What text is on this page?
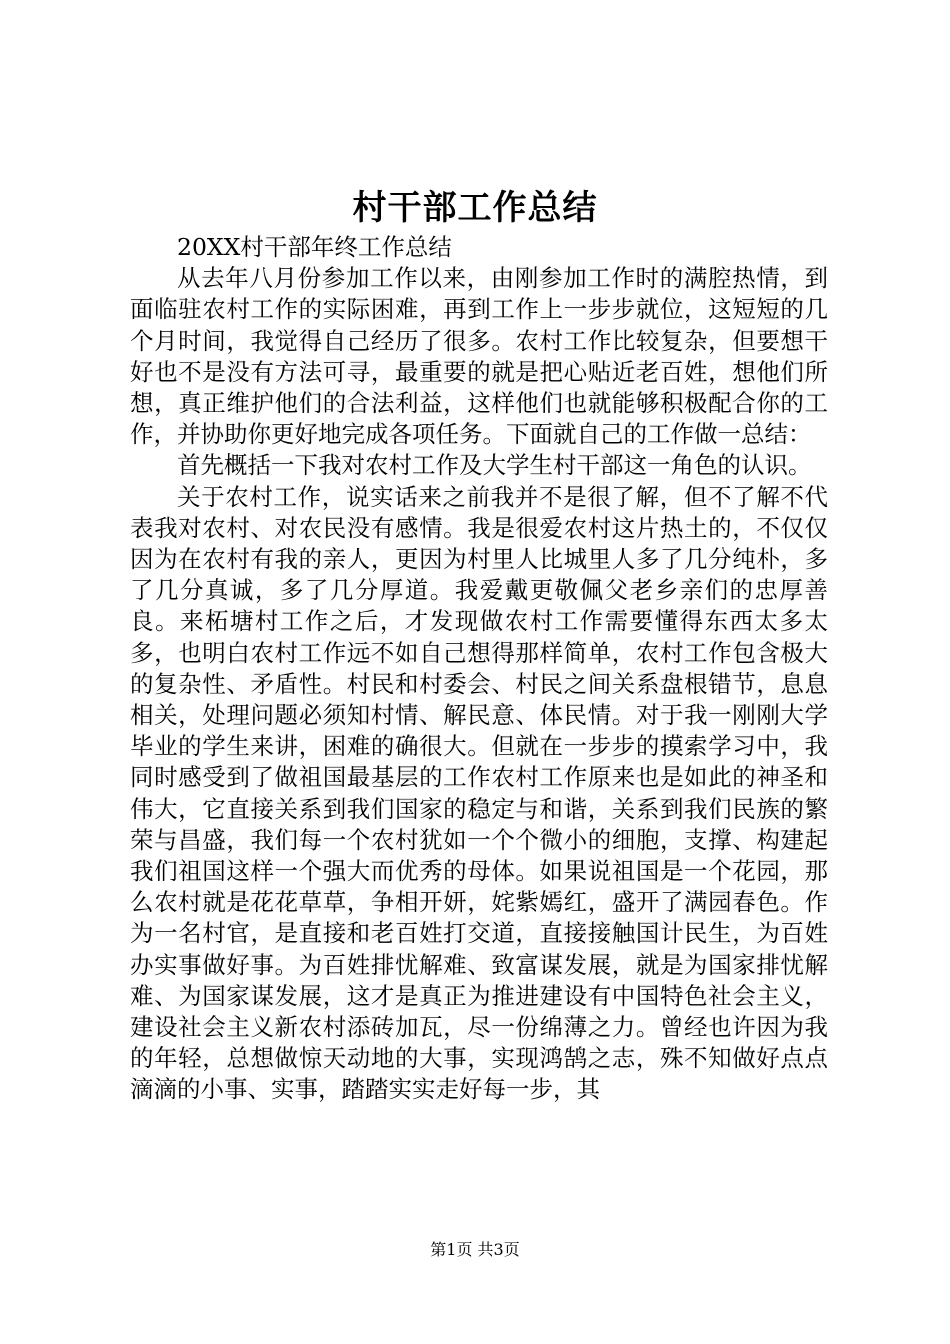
村干部工作总结

20XX村干部年终工作总结

从去年八月份参加工作以来，由刚参加工作时的满腔热情，到面临驻农村工作的实际困难，再到工作上一步步就位，这短短的几个月时间，我觉得自己经历了很多。农村工作比较复杂，但要想干好也不是没有方法可寻，最重要的就是把心贴近老百姓，想他们所想，真正维护他们的合法利益，这样他们也就能够积极配合你的工作，并协助你更好地完成各项任务。下面就自己的工作做一总结：

首先概括一下我对农村工作及大学生村干部这一角色的认识。

关于农村工作，说实话来之前我并不是很了解，但不了解不代表我对农村、对农民没有感情。我是很爱农村这片热土的，不仅仅因为在农村有我的亲人，更因为村里人比城里人多了几分纯朴，多了几分真诚，多了几分厚道。我爱戴更敬佩父老乡亲们的忠厚善良。来柘塘村工作之后，才发现做农村工作需要懂得东西太多太多，也明白农村工作远不如自己想得那样简单，农村工作包含极大的复杂性、矛盾性。村民和村委会、村民之间关系盘根错节，息息相关，处理问题必须知村情、解民意、体民情。对于我一刚刚大学毕业的学生来讲，困难的确很大。但就在一步步的摸索学习中，我同时感受到了做祖国最基层的工作农村工作原来也是如此的神圣和伟大，它直接关系到我们国家的稳定与和谐，关系到我们民族的繁荣与昌盛，我们每一个农村犹如一个个微小的细胞，支撑、构建起我们祖国这样一个强大而优秀的母体。如果说祖国是一个花园，那么农村就是花花草草，争相开妍，姹紫嫣红，盛开了满园春色。作为一名村官，是直接和老百姓打交道，直接接触国计民生，为百姓办实事做好事。为百姓排忧解难、致富谋发展，就是为国家排忧解难、为国家谋发展，这才是真正为推进建设有中国特色社会主义，建设社会主义新农村添砖加瓦，尽一份绵薄之力。曾经也许因为我的年轻，总想做惊天动地的大事，实现鸿鹄之志，殊不知做好点点滴滴的小事、实事，踏踏实实走好每一步，其

第1页 共3页
